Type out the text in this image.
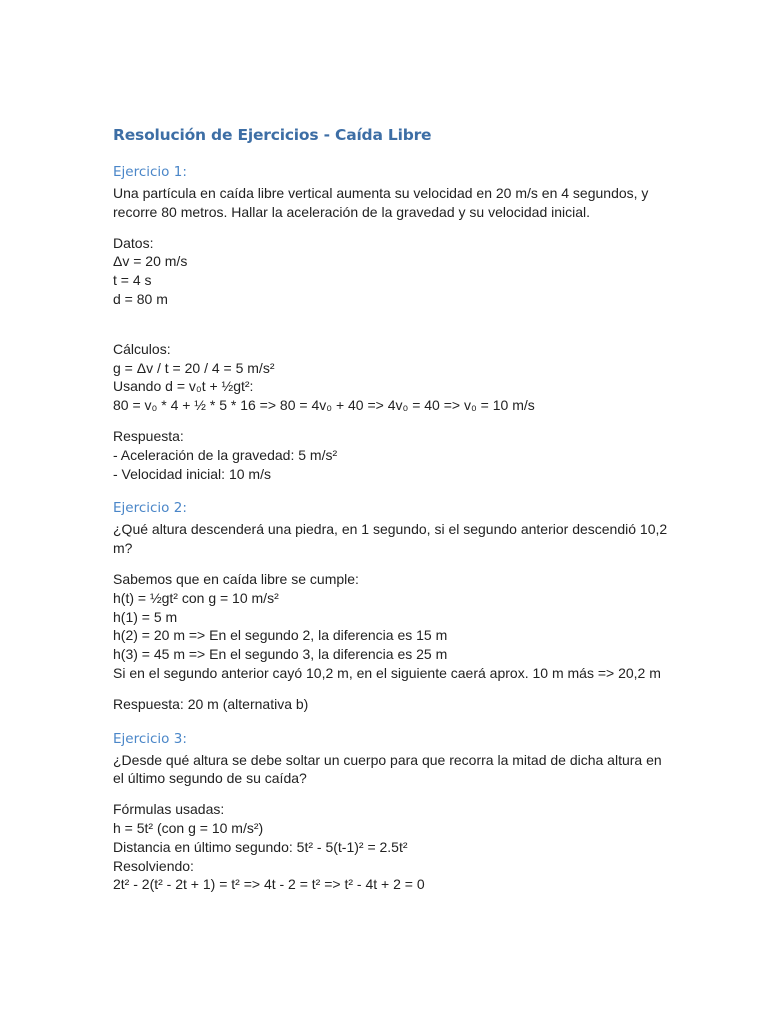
Resolución de Ejercicios - Caída Libre
Ejercicio 1:
Una partícula en caída libre vertical aumenta su velocidad en 20 m/s en 4 segundos, y recorre 80 metros. Hallar la aceleración de la gravedad y su velocidad inicial.
Datos:
Δv = 20 m/s
t = 4 s
d = 80 m
Cálculos:
g = Δv / t = 20 / 4 = 5 m/s²
Usando d = v₀t + ½gt²:
80 = v₀ * 4 + ½ * 5 * 16 => 80 = 4v₀ + 40 => 4v₀ = 40 => v₀ = 10 m/s
Respuesta:
- Aceleración de la gravedad: 5 m/s²
- Velocidad inicial: 10 m/s
Ejercicio 2:
¿Qué altura descenderá una piedra, en 1 segundo, si el segundo anterior descendió 10,2 m?
Sabemos que en caída libre se cumple:
h(t) = ½gt² con g = 10 m/s²
h(1) = 5 m
h(2) = 20 m => En el segundo 2, la diferencia es 15 m
h(3) = 45 m => En el segundo 3, la diferencia es 25 m
Si en el segundo anterior cayó 10,2 m, en el siguiente caerá aprox. 10 m más => 20,2 m
Respuesta: 20 m (alternativa b)
Ejercicio 3:
¿Desde qué altura se debe soltar un cuerpo para que recorra la mitad de dicha altura en el último segundo de su caída?
Fórmulas usadas:
h = 5t² (con g = 10 m/s²)
Distancia en último segundo: 5t² - 5(t-1)² = 2.5t²
Resolviendo:
2t² - 2(t² - 2t + 1) = t² => 4t - 2 = t² => t² - 4t + 2 = 0
